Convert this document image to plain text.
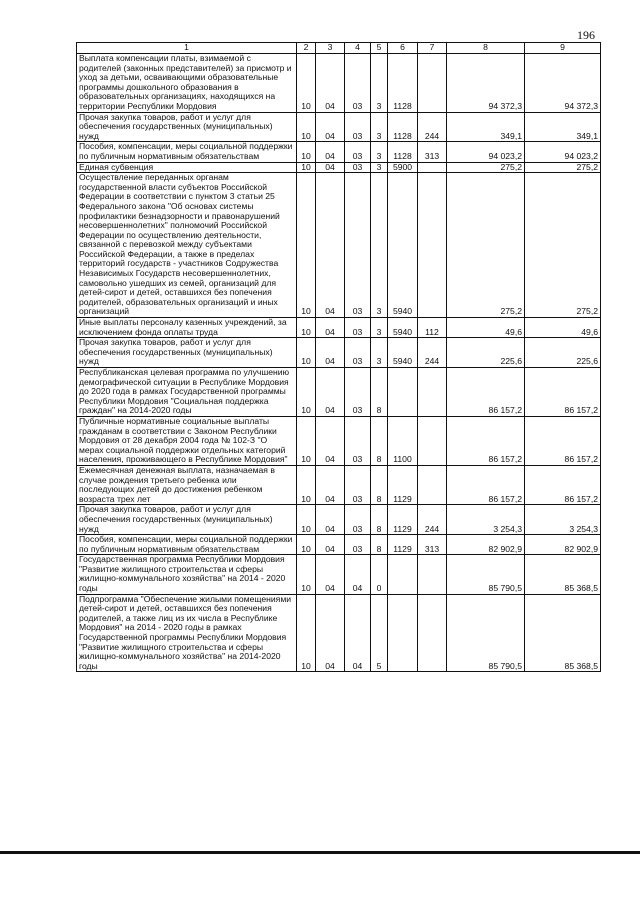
196
1	2	3	4	5	6	7	8	9
Выплата компенсации платы, взимаемой с родителей (законных представителей) за присмотр и уход за детьми, осваивающими образовательные программы дошкольного образования в образовательных организациях, находящихся на территории Республики Мордовия	10	04	03	3	1128		94 372,3	94 372,3
Прочая закупка товаров, работ и услуг для обеспечения государственных (муниципальных) нужд	10	04	03	3	1128	244	349,1	349,1
Пособия, компенсации, меры социальной поддержки по публичным нормативным обязательствам	10	04	03	3	1128	313	94 023,2	94 023,2
Единая субвенция	10	04	03	3	5900		275,2	275,2
Осуществление переданных органам государственной власти субъектов Российской Федерации в соответствии с пунктом 3 статьи 25 Федерального закона "Об основах системы профилактики безнадзорности и правонарушений несовершеннолетних" полномочий Российской Федерации по осуществлению деятельности, связанной с перевозкой между субъектами Российской Федерации, а также в пределах территорий государств - участников Содружества Независимых Государств несовершеннолетних, самовольно ушедших из семей, организаций для детей-сирот и детей, оставшихся без попечения родителей, образовательных организаций и иных организаций	10	04	03	3	5940		275,2	275,2
Иные выплаты персоналу казенных учреждений, за исключением фонда оплаты труда	10	04	03	3	5940	112	49,6	49,6
Прочая закупка товаров, работ и услуг для обеспечения государственных (муниципальных) нужд	10	04	03	3	5940	244	225,6	225,6
Республиканская целевая программа по улучшению демографической ситуации в Республике Мордовия до 2020 года в рамках Государственной программы Республики Мордовия "Социальная поддержка граждан" на 2014-2020 годы	10	04	03	8			86 157,2	86 157,2
Публичные нормативные социальные выплаты гражданам в соответствии с Законом Республики Мордовия от 28 декабря 2004 года № 102-З "О мерах социальной поддержки отдельных категорий населения, проживающего в Республике Мордовия"	10	04	03	8	1100		86 157,2	86 157,2
Ежемесячная денежная выплата, назначаемая в случае рождения третьего ребенка или последующих детей до достижения ребенком возраста трех лет	10	04	03	8	1129		86 157,2	86 157,2
Прочая закупка товаров, работ и услуг для обеспечения государственных (муниципальных) нужд	10	04	03	8	1129	244	3 254,3	3 254,3
Пособия, компенсации, меры социальной поддержки по публичным нормативным обязательствам	10	04	03	8	1129	313	82 902,9	82 902,9
Государственная программа Республики Мордовия "Развитие жилищного строительства и сферы жилищно-коммунального хозяйства" на 2014 - 2020 годы	10	04	04	0			85 790,5	85 368,5
Подпрограмма "Обеспечение жилыми помещениями детей-сирот и детей, оставшихся без попечения родителей, а также лиц из их числа в Республике Мордовия" на 2014 - 2020 годы в рамках Государственной программы Республики Мордовия "Развитие жилищного строительства и сферы жилищно-коммунального хозяйства" на 2014-2020 годы	10	04	04	5			85 790,5	85 368,5
